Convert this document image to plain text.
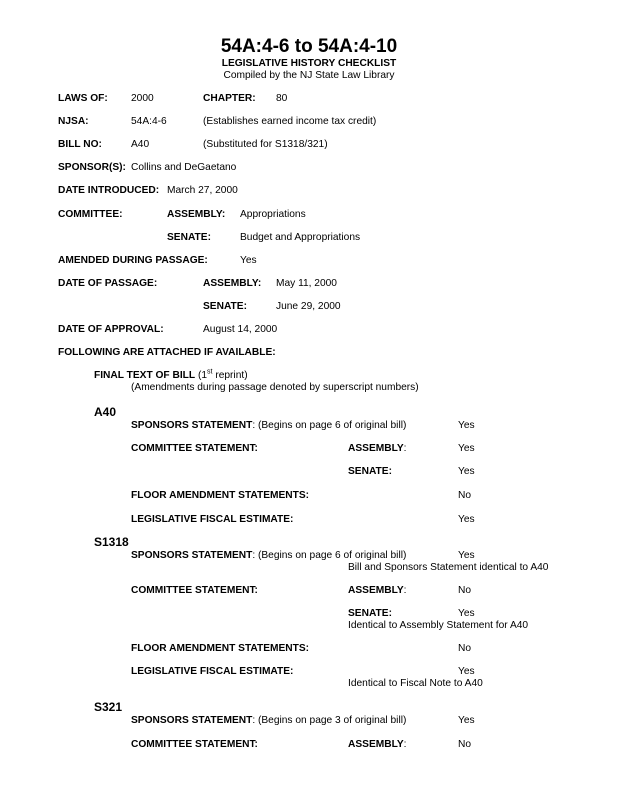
54A:4-6 to 54A:4-10
LEGISLATIVE HISTORY CHECKLIST
Compiled by the NJ State Law Library
LAWS OF: 2000	CHAPTER: 80
NJSA:	54A:4-6	(Establishes earned income tax credit)
BILL NO:	A40	(Substituted for S1318/321)
SPONSOR(S): Collins and DeGaetano
DATE INTRODUCED: March 27, 2000
COMMITTEE:	ASSEMBLY: Appropriations
SENATE:	Budget and Appropriations
AMENDED DURING PASSAGE:	Yes
DATE OF PASSAGE:	ASSEMBLY: May 11, 2000
SENATE:	June 29, 2000
DATE OF APPROVAL:	August 14, 2000
FOLLOWING ARE ATTACHED IF AVAILABLE:
FINAL TEXT OF BILL (1st reprint)
(Amendments during passage denoted by superscript numbers)
A40
SPONSORS STATEMENT: (Begins on page 6 of original bill)	Yes
COMMITTEE STATEMENT:	ASSEMBLY:	Yes
SENATE:	Yes
FLOOR AMENDMENT STATEMENTS:	No
LEGISLATIVE FISCAL ESTIMATE:	Yes
S1318
SPONSORS STATEMENT: (Begins on page 6 of original bill)	Yes
Bill and Sponsors Statement identical to A40
COMMITTEE STATEMENT:	ASSEMBLY:	No
SENATE:	Yes
Identical to Assembly Statement for A40
FLOOR AMENDMENT STATEMENTS:	No
LEGISLATIVE FISCAL ESTIMATE:	Yes
Identical to Fiscal Note to A40
S321
SPONSORS STATEMENT: (Begins on page 3 of original bill)	Yes
COMMITTEE STATEMENT:	ASSEMBLY:	No
